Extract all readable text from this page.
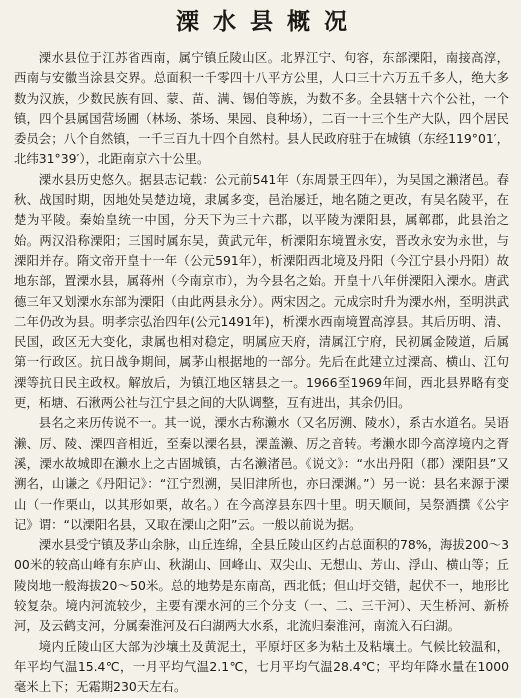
溧水县概况

溧水县位于江苏省西南，属宁镇丘陵山区。北界江宁、句容，东部溧阳，南接高淳，西南与安徽当涂县交界。总面积一千零四十八平方公里，人口三十六万五千多人，绝大多数为汉族，少数民族有回、蒙、苗、满、锡伯等族，为数不多。全县辖十六个公社，一个镇，四个县属国营场圃（林场、茶场、果园、良种场），二百一十三个生产大队，四个居民委员会；八个自然镇，一千三百九十四个自然村。县人民政府驻于在城镇（东经119°01′，北纬31°39′），北距南京六十公里。

溧水县历史悠久。据县志记载：公元前541年（东周景王四年），为吴国之濑渚邑。春秋、战国时期，因地处吴楚边境，隶属多变，邑治屡迁，地名随之更改，有吴名陵平，在楚为平陵。秦始皇统一中国，分天下为三十六郡，以平陵为溧阳县，属鄣郡，此县治之始。两汉沿称溧阳；三国时属东吴，黄武元年，析溧阳东境置永安，晋改永安为永世，与溧阳并存。隋文帝开皇十一年（公元591年），析溧阳西北境及丹阳（今江宁县小丹阳）故地东部，置溧水县，属蒋州（今南京市），为今县名之始。开皇十八年併溧阳入溧水。唐武德三年又划溧水东部为溧阳（由此两县永分）。两宋因之。元成宗时升为溧水州，至明洪武二年仍改为县。明孝宗弘治四年(公元1491年)，析溧水西南境置高淳县。其后历明、清、民国，政区无大变化，隶属也相对稳定，明属应天府，清属江宁府，民初属金陵道，后属第一行政区。抗日战争期间，属茅山根据地的一部分。先后在此建立过溧高、横山、江句溧等抗日民主政权。解放后，为镇江地区辖县之一。1966至1969年间，西北县界略有变更，柘塘、石湫两公社与江宁县之间的大队调整，互有进出，其余仍旧。

县名之来历传说不一。其一说，溧水古称濑水（又名厉溯、陵水），系古水道名。吴语濑、厉、陵、溧四音相近，至秦以溧名县，溧盖濑、厉之音转。考濑水即今高淳境内之胥溪，溧水故城即在濑水上之古固城镇，古名濑渚邑。《说文》：“水出丹阳（郡）溧阳县”又溯名，山谦之《丹阳记》：“江宁烈溯，吴旧津所也，亦曰溧渊。”）另一说：县名来源于溧山（一作栗山，以其形如栗，故名。）在今高淳县东四十里。明天顺间，吴祭酒撰《公宇记》谓：“以溧阳名县，又取在溧山之阳”云。一般以前说为据。

溧水县受宁镇及茅山余脉，山丘连绵，全县丘陵山区约占总面积的78%，海拔200～300米的较高山峰有东庐山、秋湖山、回峰山、双尖山、无想山、芳山、浮山、横山等；丘陵岗地一般海拔20～50米。总的地势是东南高，西北低；但山圩交错，起伏不一，地形比较复杂。境内河流较少，主要有溧水河的三个分支（一、二、三干河）、天生桥河、新桥河，及云鹤支河，分属秦淮河及石臼湖两大水系，北流归秦淮河，南流入石臼湖。

境内丘陵山区大部为沙壤土及黄泥土，平原圩区多为粘土及粘壤土。气候比较温和，年平均气温15.4℃，一月平均气温2.1℃，七月平均气温28.4℃；平均年降水量在1000毫米上下；无霜期230天左右。
